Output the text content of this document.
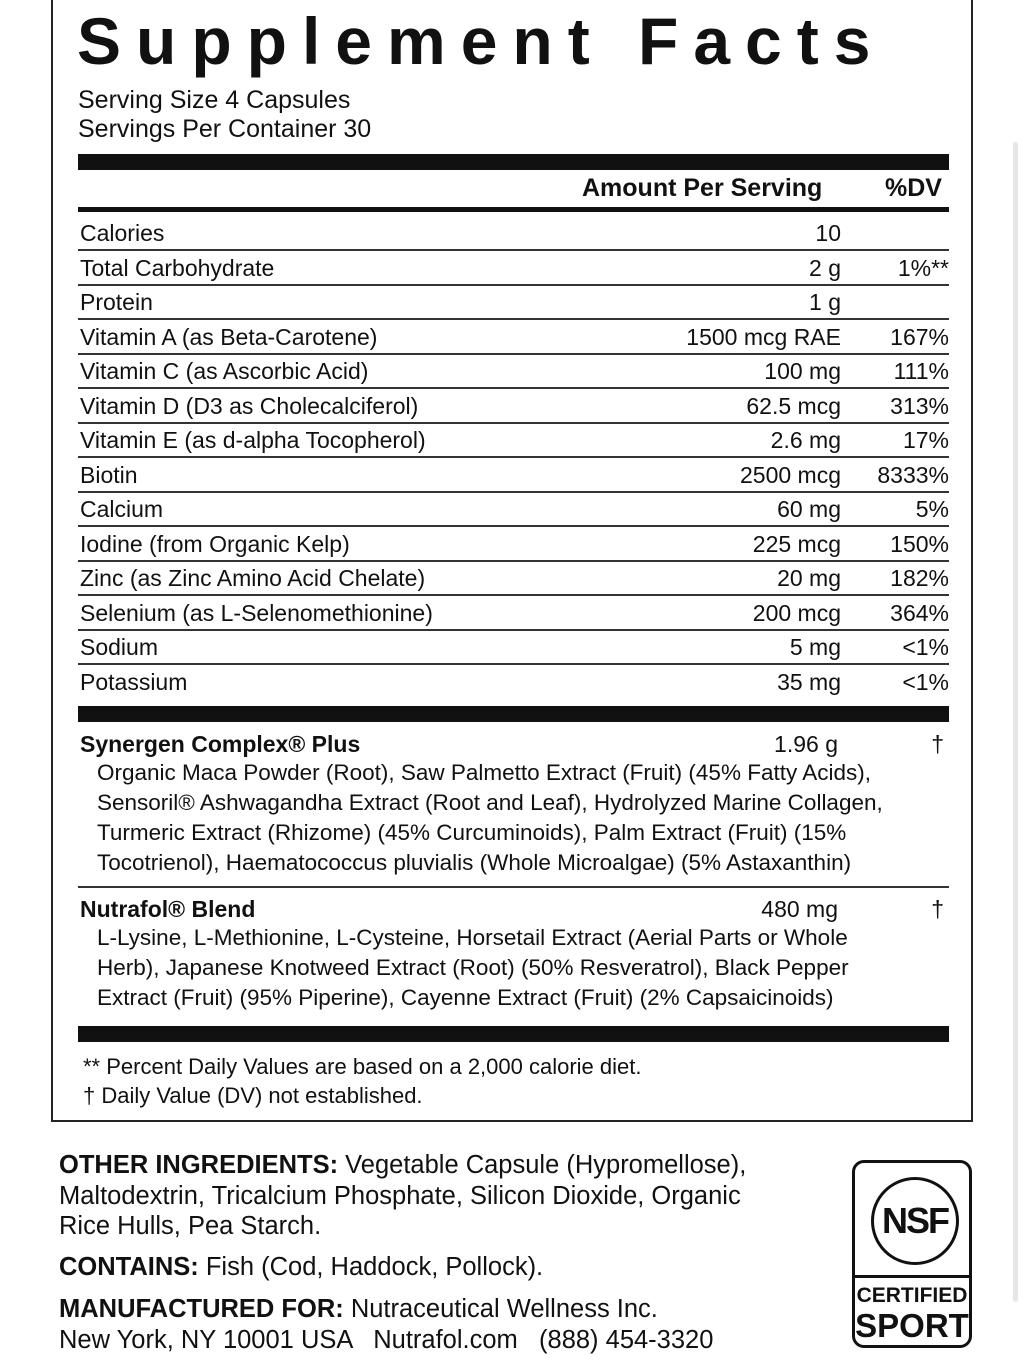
Supplement Facts
Serving Size 4 Capsules
Servings Per Container 30
Amount Per Serving	%DV
Calories	10
Total Carbohydrate	2 g 1%**
Protein	1 g
Vitamin A (as Beta-Carotene)	1500 mcg RAE 167%
Vitamin C (as Ascorbic Acid)	100 mg 111%
Vitamin D (D3 as Cholecalciferol)	62.5 mcg 313%
Vitamin E (as d-alpha Tocopherol)	2.6 mg	17%
Biotin	2500 mcg 8333%
Calcium	60 mg	5%
Iodine (from Organic Kelp)	225 mcg 150%
Zinc (as Zinc Amino Acid Chelate)	20 mg 182%
Selenium (as L-Selenomethionine)	200 mcg 364%
Sodium	5 mg	<1%
Potassium	35 mg	<1%
Synergen Complex® Plus	1.96 g	†
Organic Maca Powder (Root), Saw Palmetto Extract (Fruit) (45% Fatty Acids),
Sensoril® Ashwagandha Extract (Root and Leaf), Hydrolyzed Marine Collagen,
Turmeric Extract (Rhizome) (45% Curcuminoids), Palm Extract (Fruit) (15%
Tocotrienol), Haematococcus pluvialis (Whole Microalgae) (5% Astaxanthin)
Nutrafol® Blend	480 mg	†
L-Lysine, L-Methionine, L-Cysteine, Horsetail Extract (Aerial Parts or Whole
Herb), Japanese Knotweed Extract (Root) (50% Resveratrol), Black Pepper
Extract (Fruit) (95% Piperine), Cayenne Extract (Fruit) (2% Capsaicinoids)
** Percent Daily Values are based on a 2,000 calorie diet.
† Daily Value (DV) not established.
OTHER INGREDIENTS: Vegetable Capsule (Hypromellose),
Maltodextrin, Tricalcium Phosphate, Silicon Dioxide, Organic
Rice Hulls, Pea Starch.
CONTAINS: Fish (Cod, Haddock, Pollock).
MANUFACTURED FOR: Nutraceutical Wellness Inc.
New York, NY 10001 USA   Nutrafol.com   (888) 454-3320
NSF
CERTIFIED
SPORT
